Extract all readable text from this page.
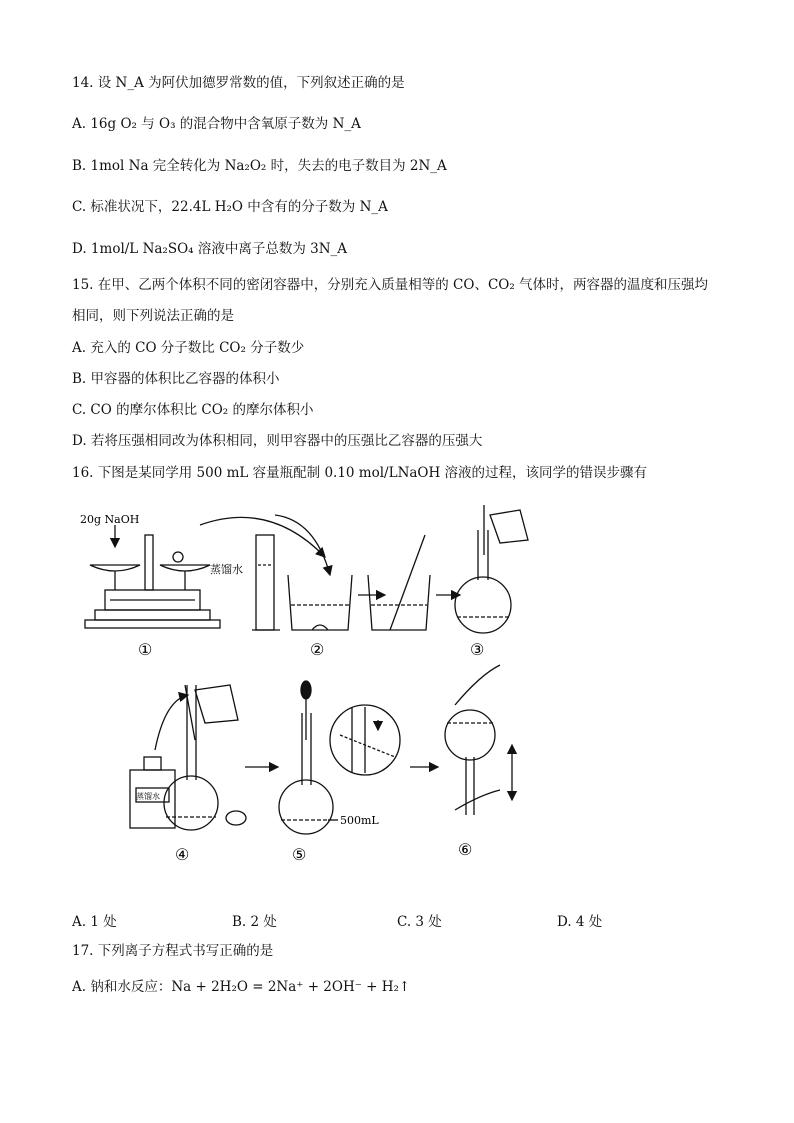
14. 设 N_A 为阿伏加德罗常数的值，下列叙述正确的是
A. 16g O₂ 与 O₃ 的混合物中含氧原子数为 N_A
B. 1mol Na 完全转化为 Na₂O₂ 时，失去的电子数目为 2N_A
C. 标准状况下，22.4L H₂O 中含有的分子数为 N_A
D. 1mol/L Na₂SO₄ 溶液中离子总数为 3N_A
15. 在甲、乙两个体积不同的密闭容器中，分别充入质量相等的 CO、CO₂ 气体时，两容器的温度和压强均
相同，则下列说法正确的是
A. 充入的 CO 分子数比 CO₂ 分子数少
B. 甲容器的体积比乙容器的体积小
C. CO 的摩尔体积比 CO₂ 的摩尔体积小
D. 若将压强相同改为体积相同，则甲容器中的压强比乙容器的压强大
16. 下图是某同学用 500 mL 容量瓶配制 0.10 mol/LNaOH 溶液的过程，该同学的错误步骤有
20g NaOH
蒸馏水
蒸馏水
500mL
①	②	③
④	⑤	⑥
A. 1 处	B. 2 处	C. 3 处	D. 4 处
17. 下列离子方程式书写正确的是
A. 钠和水反应：Na + 2H₂O = 2Na⁺ + 2OH⁻ + H₂↑
